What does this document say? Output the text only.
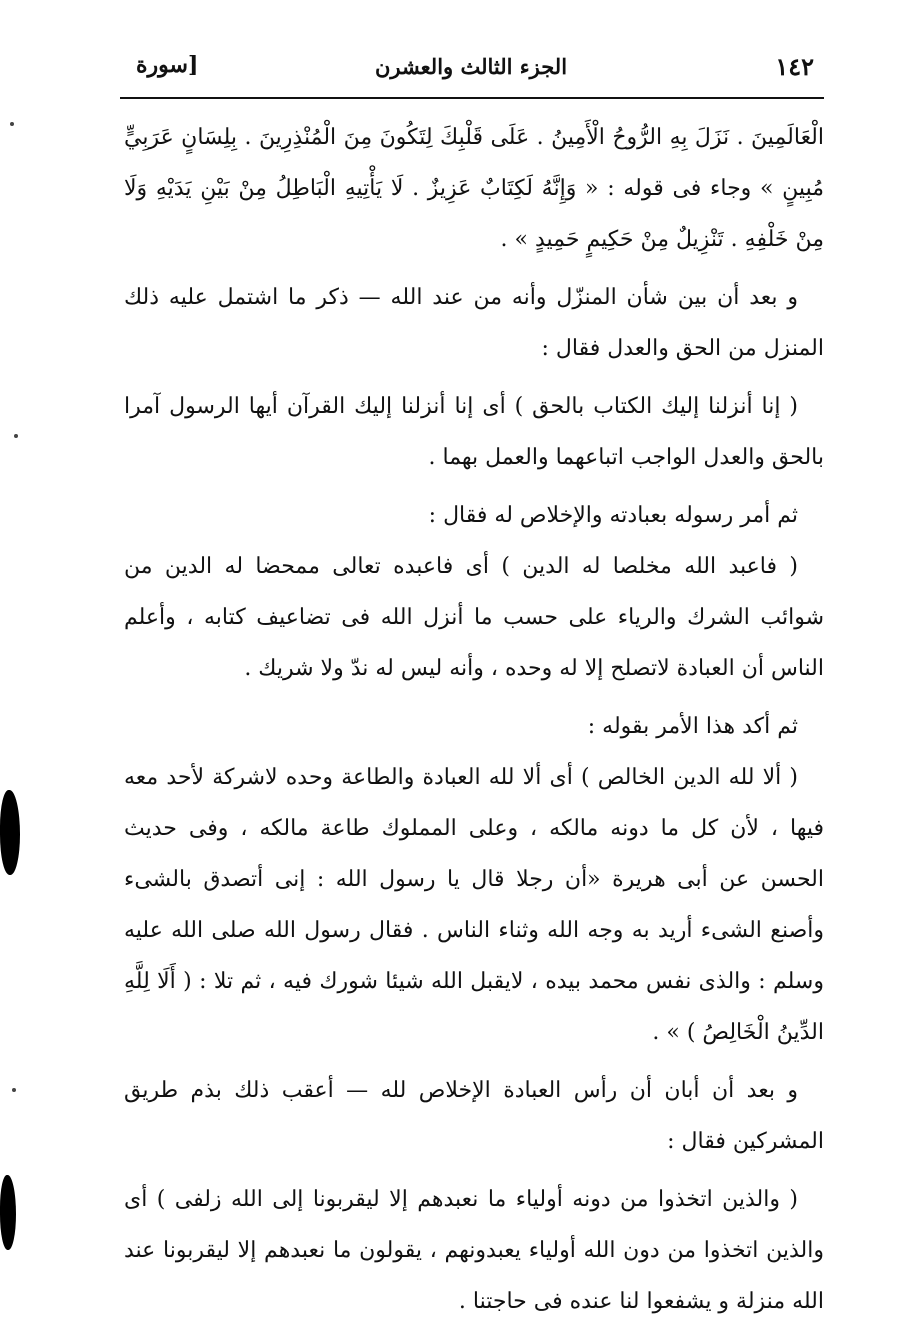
١٤٢
الجزء الثالث والعشرن
[سورة

الْعَالَمِينَ . نَزَلَ بِهِ الرُّوحُ الْأَمِينُ . عَلَى قَلْبِكَ لِتَكُونَ مِنَ الْمُنْذِرِينَ . بِلِسَانٍ عَرَبِيٍّ مُبِينٍ » وجاء فى قوله : « وَإِنَّهُ لَكِتَابٌ عَزِيزٌ . لَا يَأْتِيهِ الْبَاطِلُ مِنْ بَيْنِ يَدَيْهِ وَلَا مِنْ خَلْفِهِ . تَنْزِيلٌ مِنْ حَكِيمٍ حَمِيدٍ » .

و بعد أن بين شأن المنزّل وأنه من عند الله — ذكر ما اشتمل عليه ذلك المنزل من الحق والعدل فقال :

( إنا أنزلنا إليك الكتاب بالحق ) أى إنا أنزلنا إليك القرآن أيها الرسول آمرا بالحق والعدل الواجب اتباعهما والعمل بهما .

ثم أمر رسوله بعبادته والإخلاص له فقال :

( فاعبد الله مخلصا له الدين ) أى فاعبده تعالى ممحضا له الدين من شوائب الشرك والرياء على حسب ما أنزل الله فى تضاعيف كتابه ، وأعلم الناس أن العبادة لاتصلح إلا له وحده ، وأنه ليس له ندّ ولا شريك .

ثم أكد هذا الأمر بقوله :

( ألا لله الدين الخالص ) أى ألا لله العبادة والطاعة وحده لاشركة لأحد معه فيها ، لأن كل ما دونه مالكه ، وعلى المملوك طاعة مالكه ، وفى حديث الحسن عن أبى هريرة «أن رجلا قال يا رسول الله : إنى أتصدق بالشىء وأصنع الشىء أريد به وجه الله وثناء الناس . فقال رسول الله صلى الله عليه وسلم : والذى نفس محمد بيده ، لايقبل الله شيئا شورك فيه ، ثم تلا : ( أَلَا لِلَّهِ الدِّينُ الْخَالِصُ ) » .

و بعد أن أبان أن رأس العبادة الإخلاص لله — أعقب ذلك بذم طريق المشركين فقال :

( والذين اتخذوا من دونه أولياء ما نعبدهم إلا ليقربونا إلى الله زلفى ) أى والذين اتخذوا من دون الله أولياء يعبدونهم ، يقولون ما نعبدهم إلا ليقربونا عند الله منزلة و يشفعوا لنا عنده فى حاجتنا .
